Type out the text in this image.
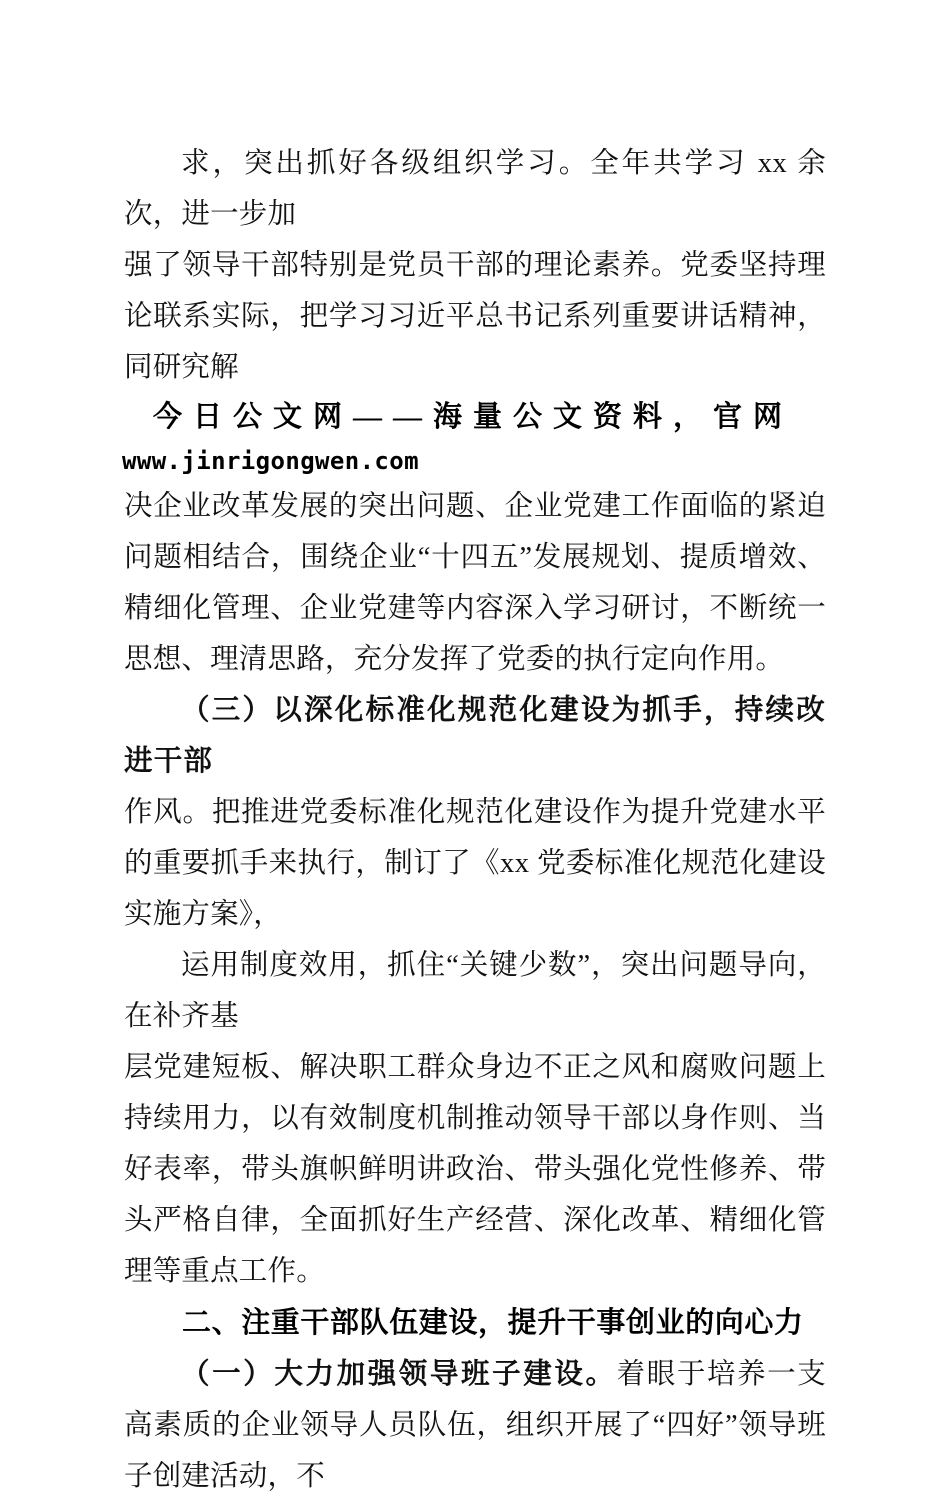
求，突出抓好各级组织学习。全年共学习 xx 余次，进一步加

强了领导干部特别是党员干部的理论素养。党委坚持理论联系实际，把学习习近平总书记系列重要讲话精神，同研究解

今日公文网——海量公文资料，官网
www.jinrigongwen.com

决企业改革发展的突出问题、企业党建工作面临的紧迫问题相结合，围绕企业“十四五”发展规划、提质增效、精细化管理、企业党建等内容深入学习研讨，不断统一思想、理清思路，充分发挥了党委的执行定向作用。

（三）以深化标准化规范化建设为抓手，持续改进干部

作风。把推进党委标准化规范化建设作为提升党建水平的重要抓手来执行，制订了《xx 党委标准化规范化建设实施方案》，

运用制度效用，抓住“关键少数”，突出问题导向，在补齐基

层党建短板、解决职工群众身边不正之风和腐败问题上持续用力，以有效制度机制推动领导干部以身作则、当好表率，带头旗帜鲜明讲政治、带头强化党性修养、带头严格自律，全面抓好生产经营、深化改革、精细化管理等重点工作。

二、注重干部队伍建设，提升干事创业的向心力

（一）大力加强领导班子建设。着眼于培养一支高素质的企业领导人员队伍，组织开展了“四好”领导班子创建活动，不
